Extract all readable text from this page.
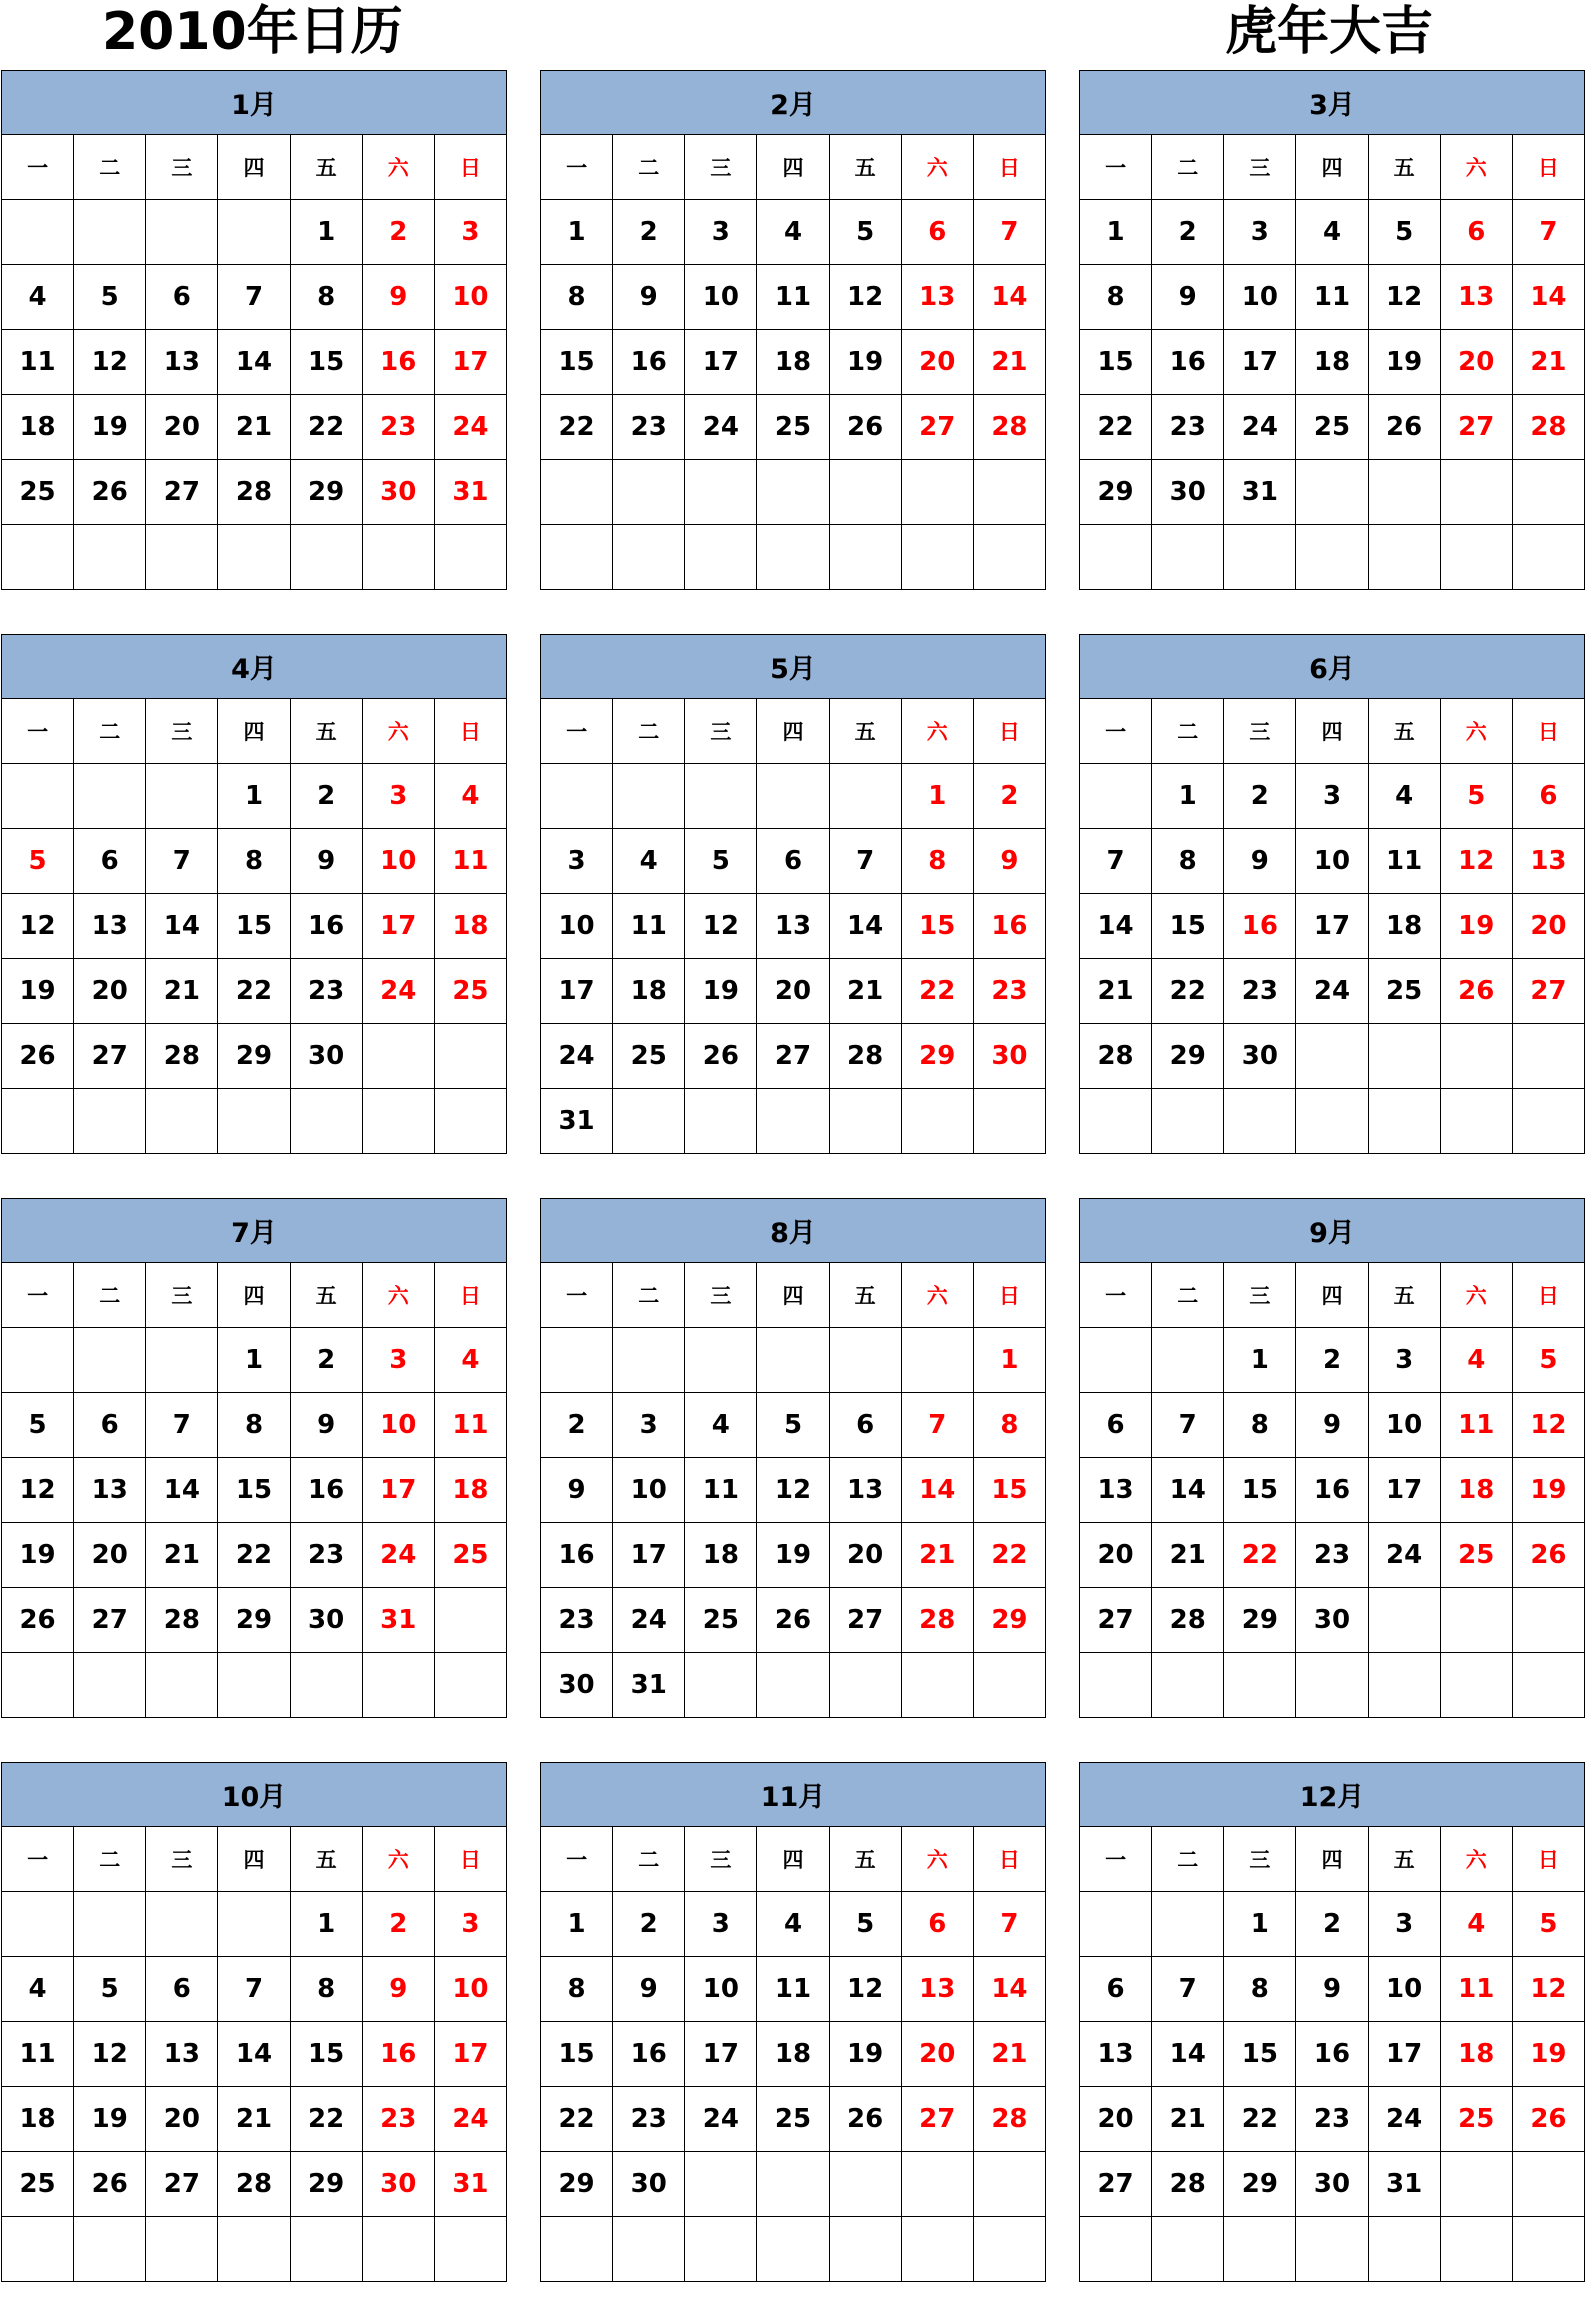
2010年日历	虎年大吉
1月						
一	二	三	四	五	六	日
				1	2	3
4	5	6	7	8	9	10
11	12	13	14	15	16	17
18	19	20	21	22	23	24
25	26	27	28	29	30	31

2月						
一	二	三	四	五	六	日
1	2	3	4	5	6	7
8	9	10	11	12	13	14
15	16	17	18	19	20	21
22	23	24	25	26	27	28

3月						
一	二	三	四	五	六	日
1	2	3	4	5	6	7
8	9	10	11	12	13	14
15	16	17	18	19	20	21
22	23	24	25	26	27	28
29	30	31				

4月						
一	二	三	四	五	六	日
			1	2	3	4
5	6	7	8	9	10	11
12	13	14	15	16	17	18
19	20	21	22	23	24	25
26	27	28	29	30		

5月						
一	二	三	四	五	六	日
					1	2
3	4	5	6	7	8	9
10	11	12	13	14	15	16
17	18	19	20	21	22	23
24	25	26	27	28	29	30
31						
6月						
一	二	三	四	五	六	日
	1	2	3	4	5	6
7	8	9	10	11	12	13
14	15	16	17	18	19	20
21	22	23	24	25	26	27
28	29	30				

7月						
一	二	三	四	五	六	日
			1	2	3	4
5	6	7	8	9	10	11
12	13	14	15	16	17	18
19	20	21	22	23	24	25
26	27	28	29	30	31	

8月						
一	二	三	四	五	六	日
						1
2	3	4	5	6	7	8
9	10	11	12	13	14	15
16	17	18	19	20	21	22
23	24	25	26	27	28	29
30	31					
9月						
一	二	三	四	五	六	日
		1	2	3	4	5
6	7	8	9	10	11	12
13	14	15	16	17	18	19
20	21	22	23	24	25	26
27	28	29	30			

10月						
一	二	三	四	五	六	日
				1	2	3
4	5	6	7	8	9	10
11	12	13	14	15	16	17
18	19	20	21	22	23	24
25	26	27	28	29	30	31

11月						
一	二	三	四	五	六	日
1	2	3	4	5	6	7
8	9	10	11	12	13	14
15	16	17	18	19	20	21
22	23	24	25	26	27	28
29	30					

12月						
一	二	三	四	五	六	日
		1	2	3	4	5
6	7	8	9	10	11	12
13	14	15	16	17	18	19
20	21	22	23	24	25	26
27	28	29	30	31		
